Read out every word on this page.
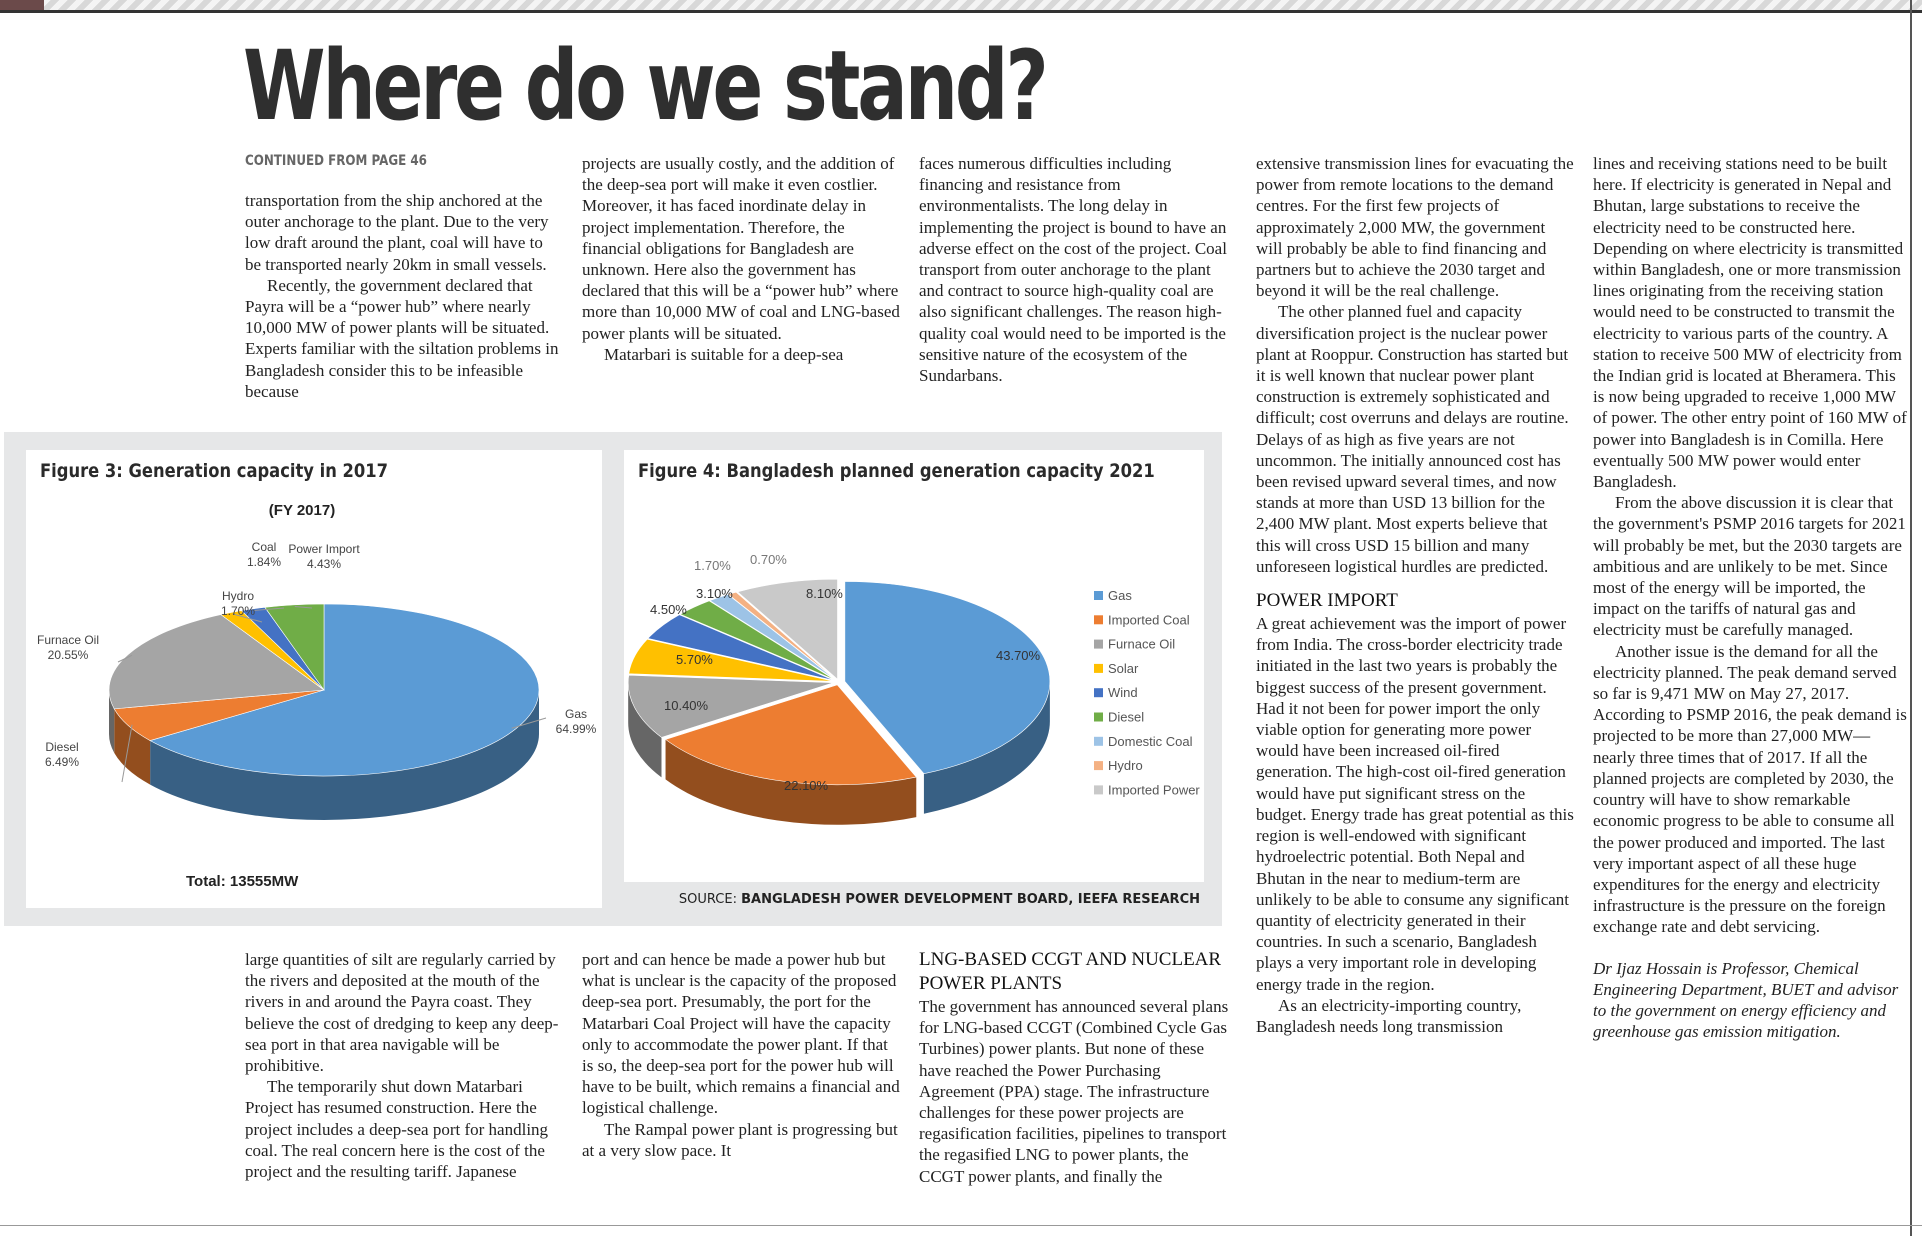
Where do we stand?
CONTINUED FROM PAGE 46

transportation from the ship anchored at the outer anchorage to the plant. Due to the very low draft around the plant, coal will have to be transported nearly 20km in small vessels.

Recently, the government declared that Payra will be a “power hub” where nearly 10,000 MW of power plants will be situated. Experts familiar with the siltation problems in Bangladesh consider this to be infeasible because

projects are usually costly, and the addition of the deep-sea port will make it even costlier. Moreover, it has faced inordinate delay in project implementation. Therefore, the financial obligations for Bangladesh are unknown. Here also the government has declared that this will be a “power hub” where more than 10,000 MW of coal and LNG-based power plants will be situated.

Matarbari is suitable for a deep-sea

faces numerous difficulties including financing and resistance from environmentalists. The long delay in implementing the project is bound to have an adverse effect on the cost of the project. Coal transport from outer anchorage to the plant and contract to source high-quality coal are also significant challenges. The reason high-quality coal would need to be imported is the sensitive nature of the ecosystem of the Sundarbans.

large quantities of silt are regularly carried by the rivers and deposited at the mouth of the rivers in and around the Payra coast. They believe the cost of dredging to keep any deep-sea port in that area navigable will be prohibitive.

The temporarily shut down Matarbari Project has resumed construction. Here the project includes a deep-sea port for handling coal. The real concern here is the cost of the project and the resulting tariff. Japanese

port and can hence be made a power hub but what is unclear is the capacity of the proposed deep-sea port. Presumably, the port for the Matarbari Coal Project will have the capacity only to accommodate the power plant. If that is so, the deep-sea port for the power hub will have to be built, which remains a financial and logistical challenge.

The Rampal power plant is progressing but at a very slow pace. It

LNG-BASED CCGT AND NUCLEAR POWER PLANTS

The government has announced several plans for LNG-based CCGT (Combined Cycle Gas Turbines) power plants. But none of these have reached the Power Purchasing Agreement (PPA) stage. The infrastructure challenges for these power projects are regasification facilities, pipelines to transport the regasified LNG to power plants, the CCGT power plants, and finally the

extensive transmission lines for evacuating the power from remote locations to the demand centres. For the first few projects of approximately 2,000 MW, the government will probably be able to find financing and partners but to achieve the 2030 target and beyond it will be the real challenge.

The other planned fuel and capacity diversification project is the nuclear power plant at Rooppur. Construction has started but it is well known that nuclear power plant construction is extremely sophisticated and difficult; cost overruns and delays are routine. Delays of as high as five years are not uncommon. The initially announced cost has been revised upward several times, and now stands at more than USD 13 billion for the 2,400 MW plant. Most experts believe that this will cross USD 15 billion and many unforeseen logistical hurdles are predicted.

POWER IMPORT

A great achievement was the import of power from India. The cross-border electricity trade initiated in the last two years is probably the biggest success of the present government. Had it not been for power import the only viable option for generating more power would have been increased oil-fired generation. The high-cost oil-fired generation would have put significant stress on the budget. Energy trade has great potential as this region is well-endowed with significant hydroelectric potential. Both Nepal and Bhutan in the near to medium-term are unlikely to be able to consume any significant quantity of electricity generated in their countries. In such a scenario, Bangladesh plays a very important role in developing energy trade in the region.

As an electricity-importing country, Bangladesh needs long transmission

lines and receiving stations need to be built here. If electricity is generated in Nepal and Bhutan, large substations to receive the electricity need to be constructed here. Depending on where electricity is transmitted within Bangladesh, one or more transmission lines originating from the receiving station would need to be constructed to transmit the electricity to various parts of the country. A station to receive 500 MW of electricity from the Indian grid is located at Bheramera. This is now being upgraded to receive 1,000 MW of power. The other entry point of 160 MW of power into Bangladesh is in Comilla. Here eventually 500 MW power would enter Bangladesh.

From the above discussion it is clear that the government's PSMP 2016 targets for 2021 will probably be met, but the 2030 targets are ambitious and are unlikely to be met. Since most of the energy will be imported, the impact on the tariffs of natural gas and electricity must be carefully managed.

Another issue is the demand for all the electricity planned. The peak demand served so far is 9,471 MW on May 27, 2017. According to PSMP 2016, the peak demand is projected to be more than 27,000 MW—nearly three times that of 2017. If all the planned projects are completed by 2030, the country will have to show remarkable economic progress to be able to consume all the power produced and imported. The last very important aspect of all these huge expenditures for the energy and electricity infrastructure is the pressure on the foreign exchange rate and debt servicing.

Dr Ijaz Hossain is Professor, Chemical Engineering Department, BUET and advisor to the government on energy efficiency and greenhouse gas emission mitigation.

Figure 3: Generation capacity in 2017
(FY 2017)
Total: 13555MW
Gas 64.99%
Diesel 6.49%
Furnace Oil 20.55%
Hydro 1.70%
Coal 1.84%
Power Import 4.43%
Figure 4: Bangladesh planned generation capacity 2021
43.70%
22.10%
10.40%
5.70%
4.50%
3.10%
1.70% 0.70%
8.10%	Gas
Imported Coal
Furnace Oil
Solar
Wind
Diesel
Domestic Coal
Hydro
Imported Power
SOURCE: BANGLADESH POWER DEVELOPMENT BOARD, IEEFA RESEARCH
